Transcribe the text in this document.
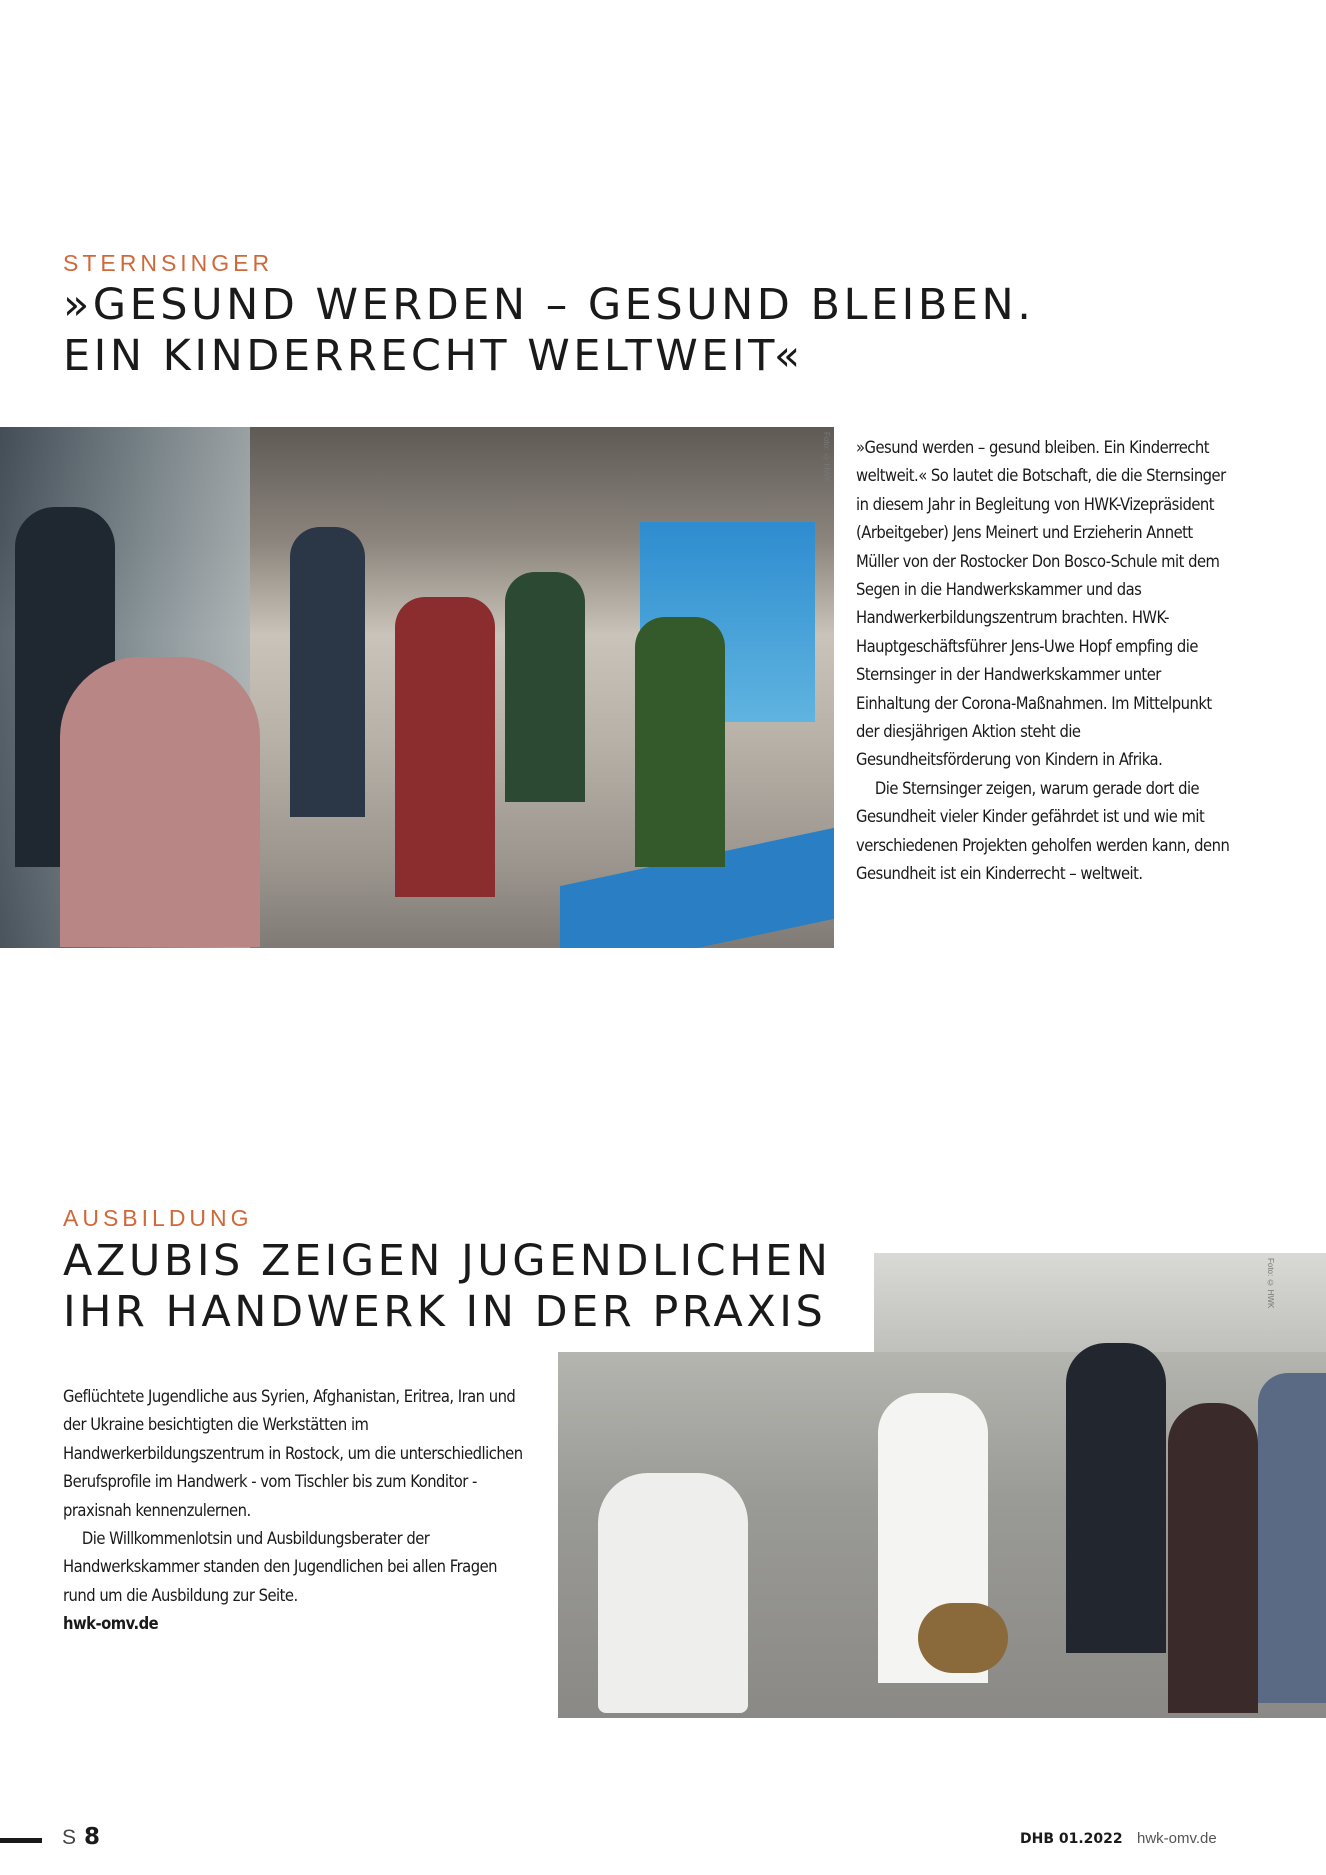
STERNSINGER
»GESUND WERDEN – GESUND BLEIBEN.
EIN KINDERRECHT WELTWEIT«
Foto: © HWK »Gesund werden – gesund bleiben. Ein Kinderrecht weltweit.« So lautet die Botschaft, die die Sternsinger in diesem Jahr in Begleitung von HWK-Vizepräsident (Arbeitgeber) Jens Meinert und Erzieherin Annett Müller von der Rostocker Don Bosco-Schule mit dem Segen in die Handwerkskammer und das Handwerkerbildungszentrum brachten. HWK-Hauptgeschäftsführer Jens-Uwe Hopf empfing die Sternsinger in der Handwerkskammer unter Einhaltung der Corona-Maßnahmen. Im Mittelpunkt der diesjährigen Aktion steht die Gesundheitsförderung von Kindern in Afrika.

Die Sternsinger zeigen, warum gerade dort die Gesundheit vieler Kinder gefährdet ist und wie mit verschiedenen Projekten geholfen werden kann, denn Gesundheit ist ein Kinderrecht – weltweit.

AUSBILDUNG
Foto: © HWK
AZUBIS ZEIGEN JUGENDLICHEN
IHR HANDWERK IN DER PRAXIS

Geflüchtete Jugendliche aus Syrien, Afghanistan, Eritrea, Iran und der Ukraine besichtigten die Werkstätten im Handwerkerbildungszentrum in Rostock, um die unterschiedlichen Berufsprofile im Handwerk - vom Tischler bis zum Konditor - praxisnah kennenzulernen.

Die Willkommenlotsin und Ausbildungsberater der Handwerkskammer standen den Jugendlichen bei allen Fragen rund um die Ausbildung zur Seite.

hwk-omv.de
S 8	DHB 01.2022 hwk-omv.de
